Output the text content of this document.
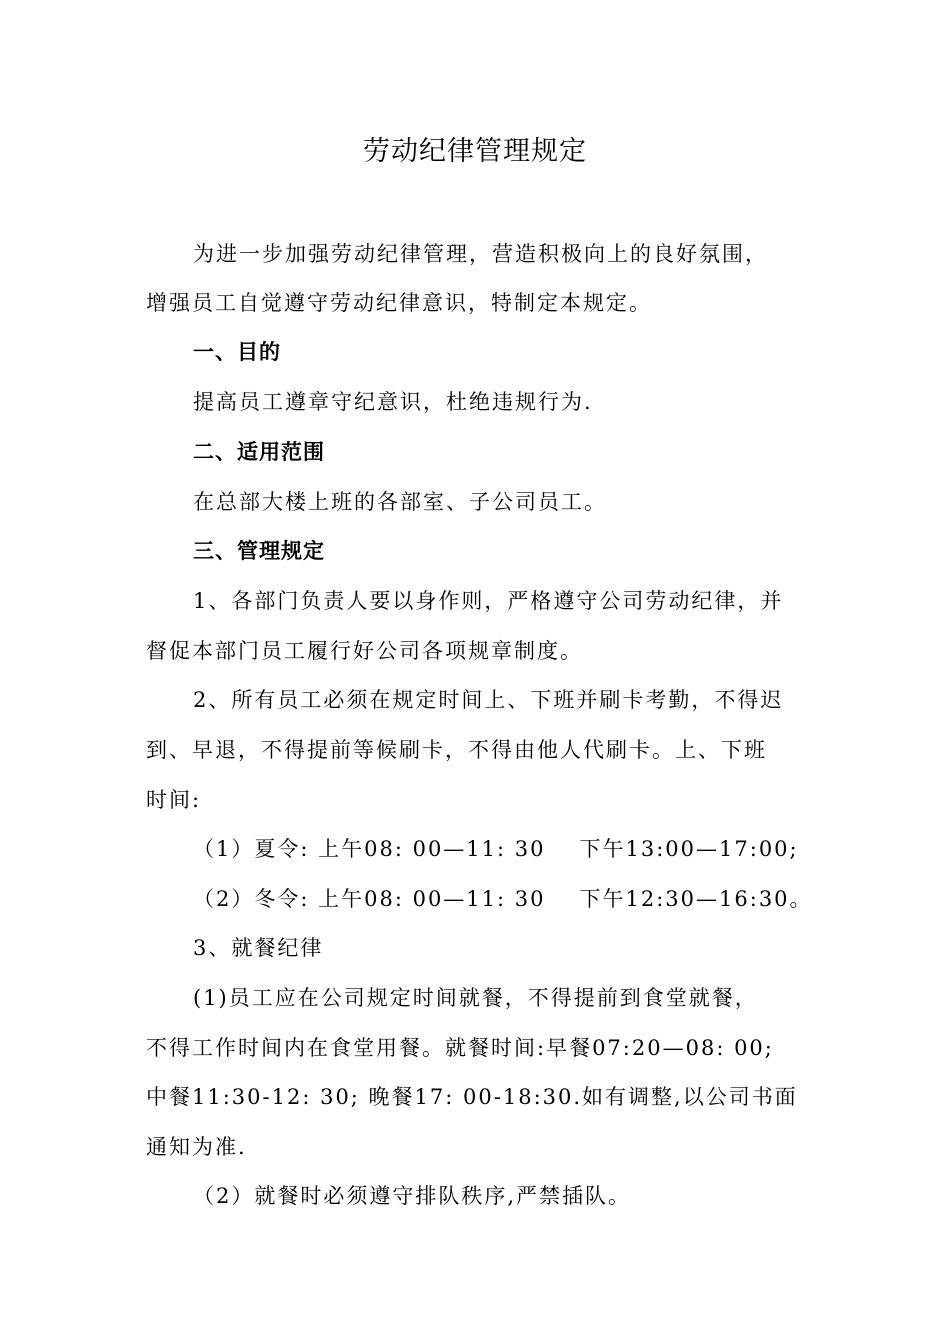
劳动纪律管理规定
为进一步加强劳动纪律管理，营造积极向上的良好氛围，
增强员工自觉遵守劳动纪律意识，特制定本规定。
一、目的
提高员工遵章守纪意识，杜绝违规行为.
二、适用范围
在总部大楼上班的各部室、子公司员工。
三、管理规定
1、各部门负责人要以身作则，严格遵守公司劳动纪律，并
督促本部门员工履行好公司各项规章制度。
2、所有员工必须在规定时间上、下班并刷卡考勤，不得迟
到、早退，不得提前等候刷卡，不得由他人代刷卡。上、下班
时间:
（1）夏令: 上午08: 00—11: 30 下午13:00—17:00;
（2）冬令: 上午08: 00—11: 30 下午12:30—16:30。
3、就餐纪律
(1)员工应在公司规定时间就餐，不得提前到食堂就餐，
不得工作时间内在食堂用餐。就餐时间:早餐07:20—08: 00;
中餐11:30-12: 30; 晚餐17: 00-18:30.如有调整,以公司书面
通知为准.
（2）就餐时必须遵守排队秩序,严禁插队。
